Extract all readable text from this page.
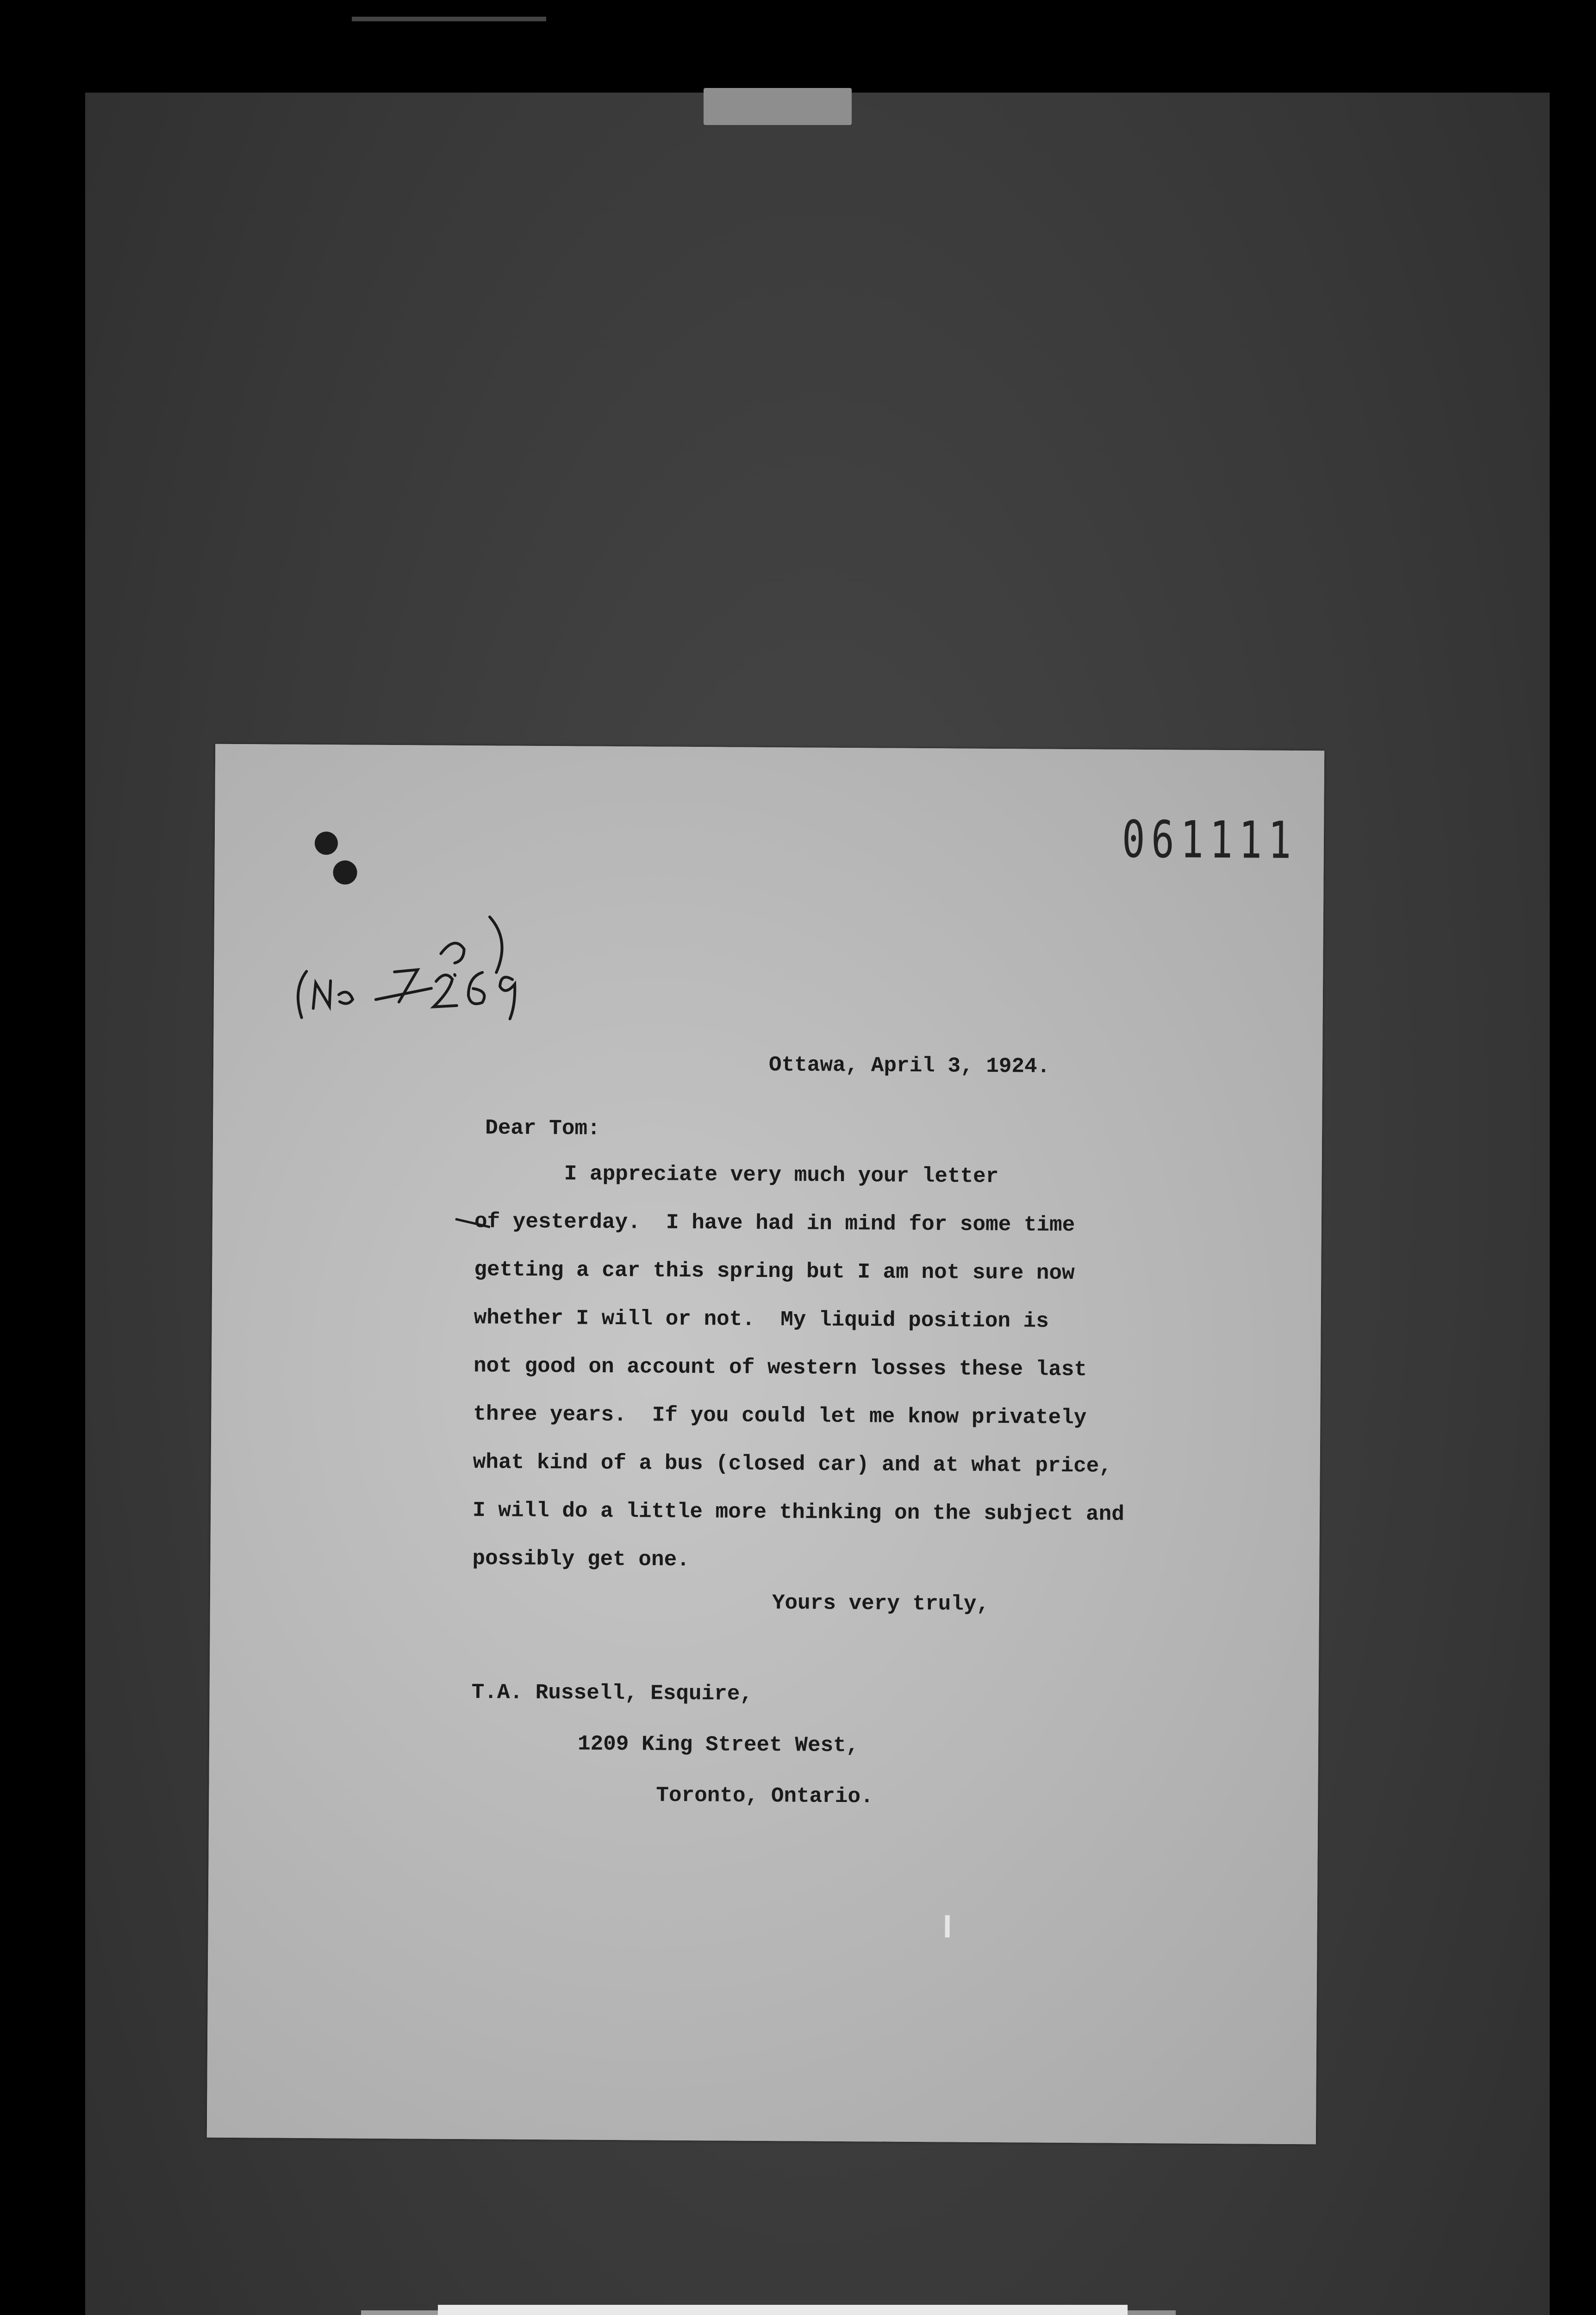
061111
Ottawa, April 3, 1924.
Dear Tom:
I appreciate very much your letter
of yesterday.  I have had in mind for some time
getting a car this spring but I am not sure now
whether I will or not.  My liquid position is
not good on account of western losses these last
three years.  If you could let me know privately
what kind of a bus (closed car) and at what price,
I will do a little more thinking on the subject and
possibly get one.
Yours very truly,
T.A. Russell, Esquire,
1209 King Street West,
Toronto, Ontario.
